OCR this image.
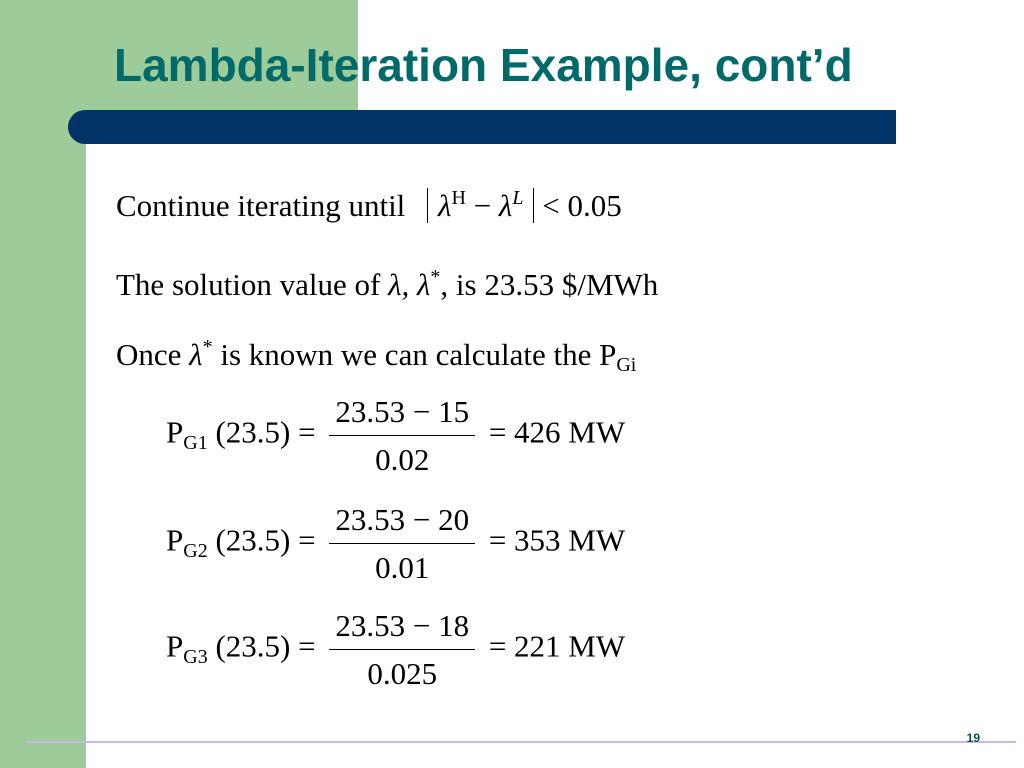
Lambda-Iteration Example, cont’d
Continue iterating until $\lambda^H - \lambda^L < 0.05$
The solution value of λ, λ*, is 23.53 $/MWh
Once λ* is known we can calculate the PGi
PG1 $(23.5) = \frac{23.53 - 15}{0.02} = 426$ MW
PG2 $(23.5) = \frac{23.53 - 20}{0.01} = 353$ MW
PG3 $(23.5) = \frac{23.53 - 18}{0.025} = 221$ MW
19
